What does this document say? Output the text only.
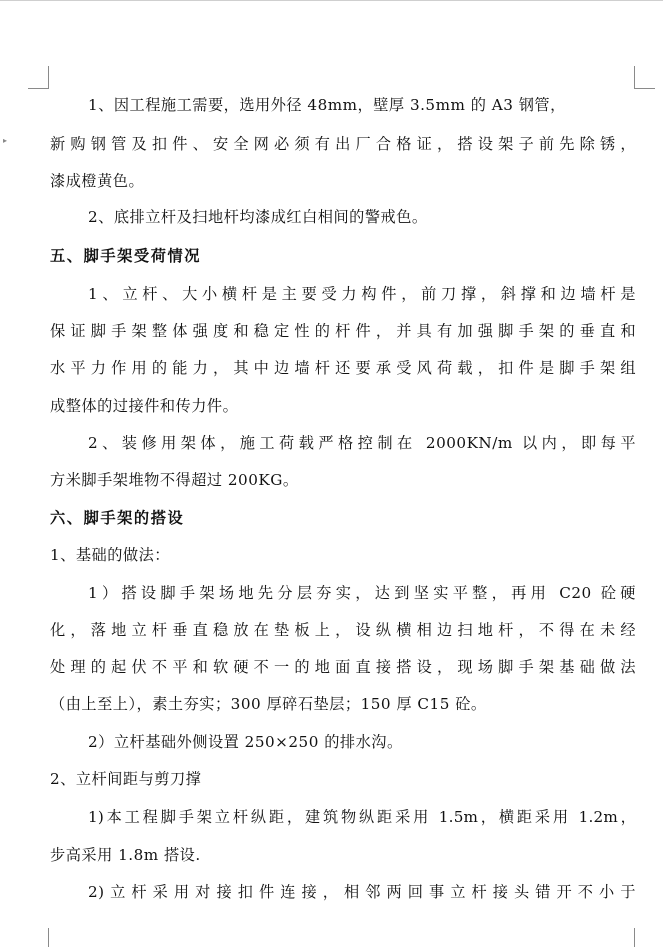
▸

1、因工程施工需要，选用外径 48mm，壁厚 3.5mm 的 A3 钢管，

新购钢管及扣件、安全网必须有出厂合格证，搭设架子前先除锈，

漆成橙黄色。

2、底排立杆及扫地杆均漆成红白相间的警戒色。

五、脚手架受荷情况

1、立杆、大小横杆是主要受力构件，前刀撑，斜撑和边墙杆是

保证脚手架整体强度和稳定性的杆件，并具有加强脚手架的垂直和

水平力作用的能力，其中边墙杆还要承受风荷载，扣件是脚手架组

成整体的过接件和传力件。

2、装修用架体，施工荷载严格控制在 2000KN/m 以内，即每平

方米脚手架堆物不得超过 200KG。

六、脚手架的搭设

1、基础的做法：

1）搭设脚手架场地先分层夯实，达到坚实平整，再用 C20 砼硬

化，落地立杆垂直稳放在垫板上，设纵横相边扫地杆，不得在未经

处理的起伏不平和软硬不一的地面直接搭设，现场脚手架基础做法

（由上至上），素土夯实；300 厚碎石垫层；150 厚 C15 砼。

2）立杆基础外侧设置 250×250 的排水沟。

2、立杆间距与剪刀撑

1)本工程脚手架立杆纵距，建筑物纵距采用 1.5m，横距采用 1.2m，

步高采用 1.8m 搭设.

2)立杆采用对接扣件连接，相邻两回事立杆接头错开不小于
